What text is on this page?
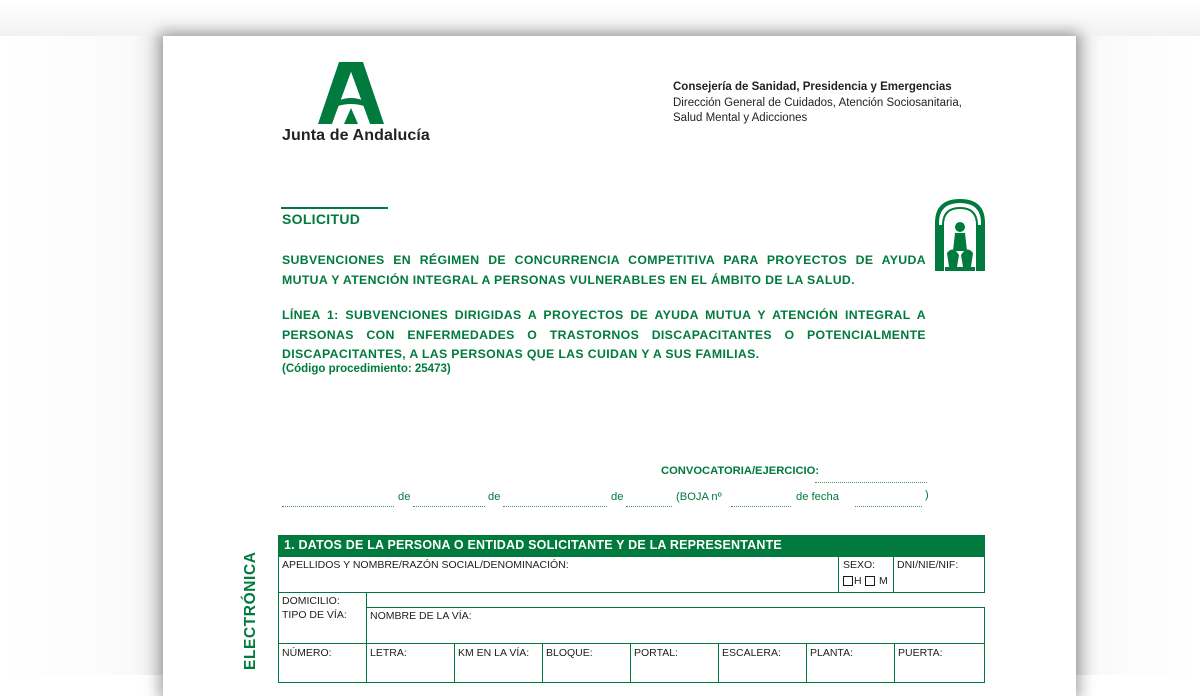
Junta de Andalucía
Consejería de Sanidad, Presidencia y Emergencias
Dirección General de Cuidados, Atención Sociosanitaria,
Salud Mental y Adicciones
SOLICITUD
SUBVENCIONES EN RÉGIMEN DE CONCURRENCIA COMPETITIVA PARA PROYECTOS DE AYUDA MUTUA Y ATENCIÓN INTEGRAL A PERSONAS VULNERABLES EN EL ÁMBITO DE LA SALUD.
LÍNEA 1: SUBVENCIONES DIRIGIDAS A PROYECTOS DE AYUDA MUTUA Y ATENCIÓN INTEGRAL A PERSONAS CON ENFERMEDADES O TRASTORNOS DISCAPACITANTES O POTENCIALMENTE DISCAPACITANTES, A LAS PERSONAS QUE LAS CUIDAN Y A SUS FAMILIAS.
(Código procedimiento: 25473)
CONVOCATORIA/EJERCICIO:
de	de	de	(BOJA nº	de fecha	)
ELECTRÓNICA
1. DATOS DE LA PERSONA O ENTIDAD SOLICITANTE Y DE LA REPRESENTANTE
APELLIDOS Y NOMBRE/RAZÓN SOCIAL/DENOMINACIÓN:	SEXO:
H M
DNI/NIE/NIF:
DOMICILIO:
TIPO DE VÍA: NOMBRE DE LA VÍA:
NÚMERO:	LETRA:	KM EN LA VÍA: BLOQUE:	PORTAL:	ESCALERA:	PLANTA:	PUERTA:
